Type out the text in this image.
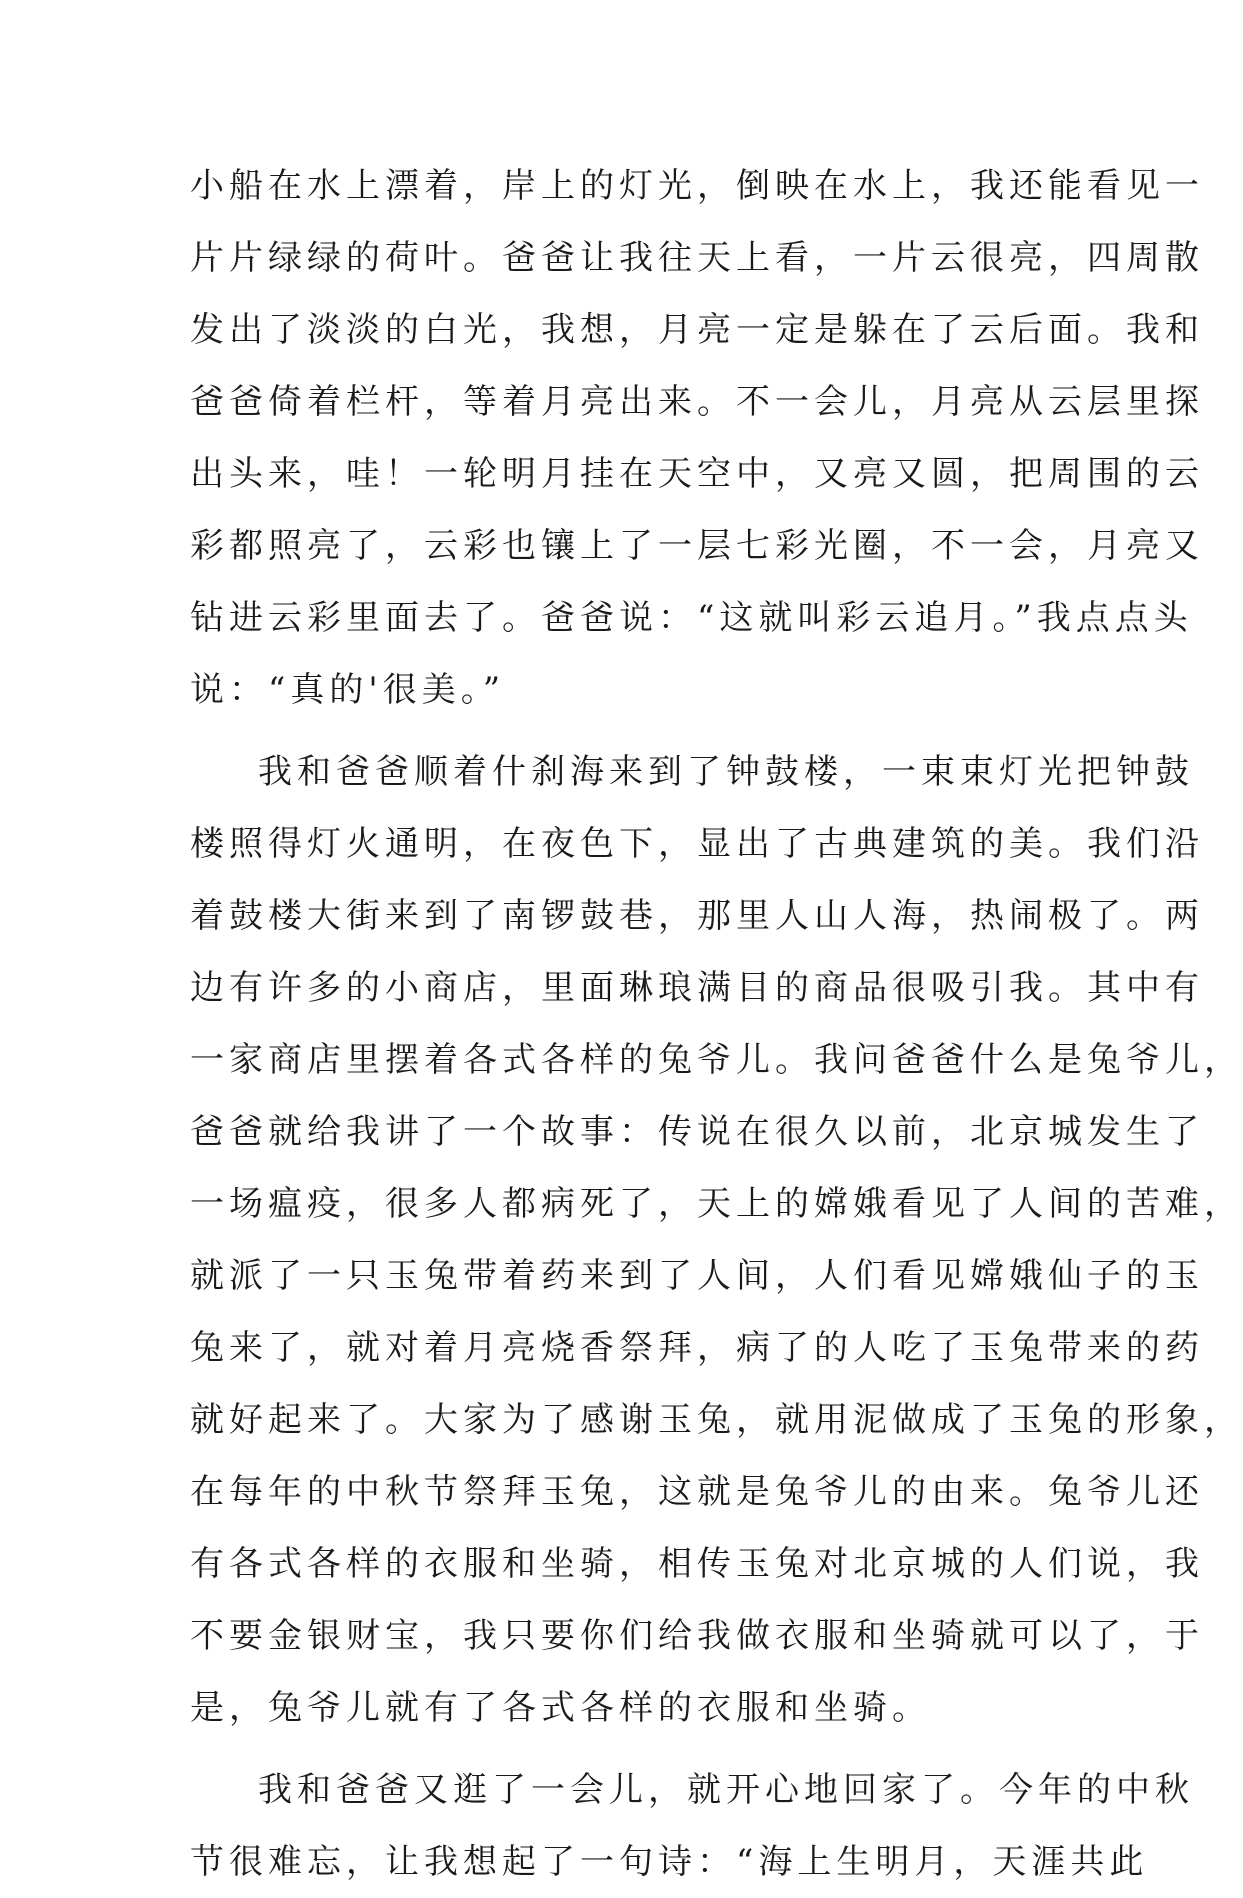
小船在水上漂着，岸上的灯光，倒映在水上，我还能看见一
片片绿绿的荷叶。爸爸让我往天上看，一片云很亮，四周散
发出了淡淡的白光，我想，月亮一定是躲在了云后面。我和
爸爸倚着栏杆，等着月亮出来。不一会儿，月亮从云层里探
出头来，哇！一轮明月挂在天空中，又亮又圆，把周围的云
彩都照亮了，云彩也镶上了一层七彩光圈，不一会，月亮又
钻进云彩里面去了。爸爸说：“这就叫彩云追月。”我点点头
说：“真的'很美。”
我和爸爸顺着什刹海来到了钟鼓楼，一束束灯光把钟鼓
楼照得灯火通明，在夜色下，显出了古典建筑的美。我们沿
着鼓楼大街来到了南锣鼓巷，那里人山人海，热闹极了。两
边有许多的小商店，里面琳琅满目的商品很吸引我。其中有
一家商店里摆着各式各样的兔爷儿。我问爸爸什么是兔爷儿，
爸爸就给我讲了一个故事：传说在很久以前，北京城发生了
一场瘟疫，很多人都病死了，天上的嫦娥看见了人间的苦难，
就派了一只玉兔带着药来到了人间，人们看见嫦娥仙子的玉
兔来了，就对着月亮烧香祭拜，病了的人吃了玉兔带来的药
就好起来了。大家为了感谢玉兔，就用泥做成了玉兔的形象，
在每年的中秋节祭拜玉兔，这就是兔爷儿的由来。兔爷儿还
有各式各样的衣服和坐骑，相传玉兔对北京城的人们说，我
不要金银财宝，我只要你们给我做衣服和坐骑就可以了，于
是，兔爷儿就有了各式各样的衣服和坐骑。
我和爸爸又逛了一会儿，就开心地回家了。今年的中秋
节很难忘，让我想起了一句诗：“海上生明月，天涯共此
